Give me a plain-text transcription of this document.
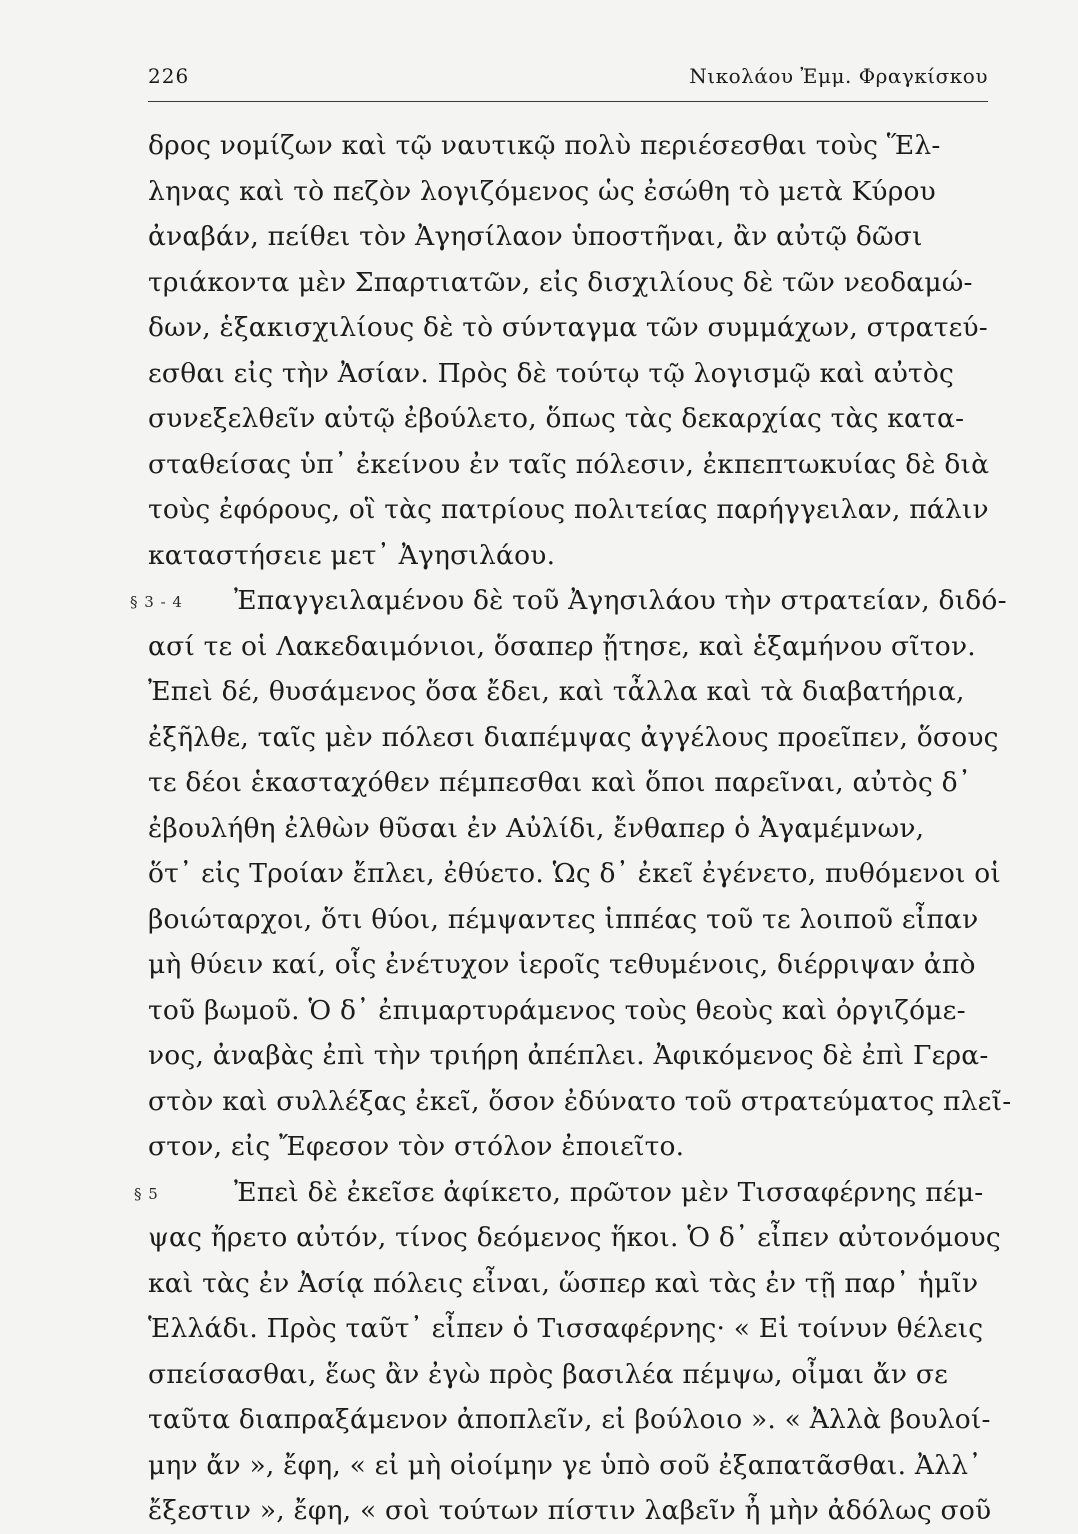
226	Νικολάου Ἐμμ. Φραγκίσκου
δρος νομίζων καὶ τῷ ναυτικῷ πολὺ περιέσεσθαι τοὺς Ἕλ-
ληνας καὶ τὸ πεζὸν λογιζόμενος ὡς ἐσώθη τὸ μετὰ Κύρου
ἀναβάν, πείθει τὸν Ἀγησίλαον ὑποστῆναι, ἂν αὐτῷ δῶσι
τριάκοντα μὲν Σπαρτιατῶν, εἰς δισχιλίους δὲ τῶν νεοδαμώ-
δων, ἑξακισχιλίους δὲ τὸ σύνταγμα τῶν συμμάχων, στρατεύ-
εσθαι εἰς τὴν Ἀσίαν. Πρὸς δὲ τούτῳ τῷ λογισμῷ καὶ αὐτὸς
συνεξελθεῖν αὐτῷ ἐβούλετο, ὅπως τὰς δεκαρχίας τὰς κατα-
σταθείσας ὑπ᾽ ἐκείνου ἐν ταῖς πόλεσιν, ἐκπεπτωκυίας δὲ διὰ
τοὺς ἐφόρους, οἳ τὰς πατρίους πολιτείας παρήγγειλαν, πάλιν
καταστήσειε μετ᾽ Ἀγησιλάου.
§ 3 - 4 Ἐπαγγειλαμένου δὲ τοῦ Ἀγησιλάου τὴν στρατείαν, διδό-
ασί τε οἱ Λακεδαιμόνιοι, ὅσαπερ ᾔτησε, καὶ ἑξαμήνου σῖτον.
Ἐπεὶ δέ, θυσάμενος ὅσα ἔδει, καὶ τἆλλα καὶ τὰ διαβατήρια,
ἐξῆλθε, ταῖς μὲν πόλεσι διαπέμψας ἀγγέλους προεῖπεν, ὅσους
τε δέοι ἑκασταχόθεν πέμπεσθαι καὶ ὅποι παρεῖναι, αὐτὸς δ᾽
ἐβουλήθη ἐλθὼν θῦσαι ἐν Αὐλίδι, ἔνθαπερ ὁ Ἀγαμέμνων,
ὅτ᾽ εἰς Τροίαν ἔπλει, ἐθύετο. Ὡς δ᾽ ἐκεῖ ἐγένετο, πυθόμενοι οἱ
βοιώταρχοι, ὅτι θύοι, πέμψαντες ἱππέας τοῦ τε λοιποῦ εἶπαν
μὴ θύειν καί, οἷς ἐνέτυχον ἱεροῖς τεθυμένοις, διέρριψαν ἀπὸ
τοῦ βωμοῦ. Ὁ δ᾽ ἐπιμαρτυράμενος τοὺς θεοὺς καὶ ὀργιζόμε-
νος, ἀναβὰς ἐπὶ τὴν τριήρη ἀπέπλει. Ἀφικόμενος δὲ ἐπὶ Γερα-
στὸν καὶ συλλέξας ἐκεῖ, ὅσον ἐδύνατο τοῦ στρατεύματος πλεῖ-
στον, εἰς Ἔφεσον τὸν στόλον ἐποιεῖτο.
§ 5	Ἐπεὶ δὲ ἐκεῖσε ἀφίκετο, πρῶτον μὲν Τισσαφέρνης πέμ-
ψας ἤρετο αὐτόν, τίνος δεόμενος ἥκοι. Ὁ δ᾽ εἶπεν αὐτονόμους
καὶ τὰς ἐν Ἀσίᾳ πόλεις εἶναι, ὥσπερ καὶ τὰς ἐν τῇ παρ᾽ ἡμῖν
Ἑλλάδι. Πρὸς ταῦτ᾽ εἶπεν ὁ Τισσαφέρνης· « Εἰ τοίνυν θέλεις
σπείσασθαι, ἕως ἂν ἐγὼ πρὸς βασιλέα πέμψω, οἶμαι ἄν σε
ταῦτα διαπραξάμενον ἀποπλεῖν, εἰ βούλοιο ». « Ἀλλὰ βουλοί-
μην ἄν », ἔφη, « εἰ μὴ οἰοίμην γε ὑπὸ σοῦ ἐξαπατᾶσθαι. Ἀλλ᾽
ἔξεστιν », ἔφη, « σοὶ τούτων πίστιν λαβεῖν ἦ μὴν ἀδόλως σοῦ
